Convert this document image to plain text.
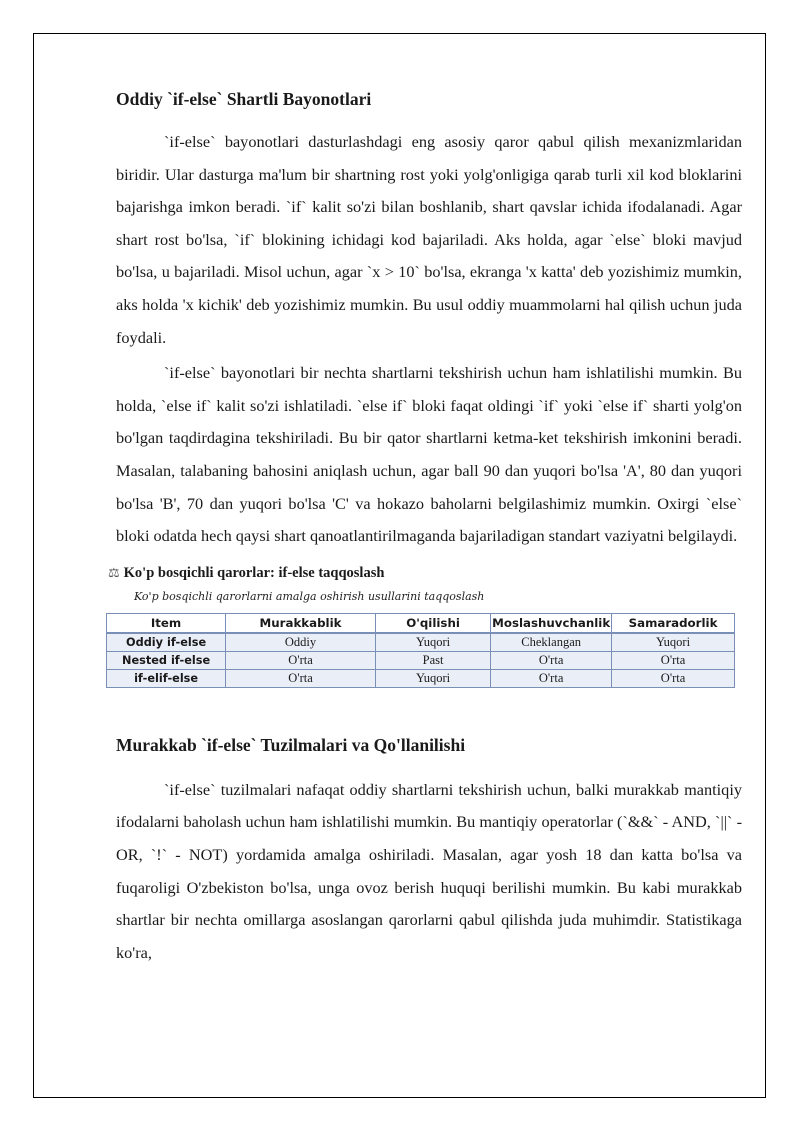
Oddiy `if-else` Shartli Bayonotlari

`if-else` bayonotlari dasturlashdagi eng asosiy qaror qabul qilish mexanizmlaridan biridir. Ular dasturga ma'lum bir shartning rost yoki yolg'onligiga qarab turli xil kod bloklarini bajarishga imkon beradi. `if` kalit so'zi bilan boshlanib, shart qavslar ichida ifodalanadi. Agar shart rost bo'lsa, `if` blokining ichidagi kod bajariladi. Aks holda, agar `else` bloki mavjud bo'lsa, u bajariladi. Misol uchun, agar `x > 10` bo'lsa, ekranga 'x katta' deb yozishimiz mumkin, aks holda 'x kichik' deb yozishimiz mumkin. Bu usul oddiy muammolarni hal qilish uchun juda foydali.

`if-else` bayonotlari bir nechta shartlarni tekshirish uchun ham ishlatilishi mumkin. Bu holda, `else if` kalit so'zi ishlatiladi. `else if` bloki faqat oldingi `if` yoki `else if` sharti yolg'on bo'lgan taqdirdagina tekshiriladi. Bu bir qator shartlarni ketma-ket tekshirish imkonini beradi. Masalan, talabaning bahosini aniqlash uchun, agar ball 90 dan yuqori bo'lsa 'A', 80 dan yuqori bo'lsa 'B', 70 dan yuqori bo'lsa 'C' va hokazo baholarni belgilashimiz mumkin. Oxirgi `else` bloki odatda hech qaysi shart qanoatlantirilmaganda bajariladigan standart vaziyatni belgilaydi.

⚖ Ko'p bosqichli qarorlar: if-else taqqoslash
Ko'p bosqichli qarorlarni amalga oshirish usullarini taqqoslash
Item	Murakkablik	O'qilishi	Moslashuvchanlik	Samaradorlik
Oddiy if-else	Oddiy	Yuqori	Cheklangan	Yuqori
Nested if-else	O'rta	Past	O'rta	O'rta
if-elif-else	O'rta	Yuqori	O'rta	O'rta
Murakkab `if-else` Tuzilmalari va Qo'llanilishi

`if-else` tuzilmalari nafaqat oddiy shartlarni tekshirish uchun, balki murakkab mantiqiy ifodalarni baholash uchun ham ishlatilishi mumkin. Bu mantiqiy operatorlar (`&&` - AND, `||` - OR, `!` - NOT) yordamida amalga oshiriladi. Masalan, agar yosh 18 dan katta bo'lsa va fuqaroligi O'zbekiston bo'lsa, unga ovoz berish huquqi berilishi mumkin. Bu kabi murakkab shartlar bir nechta omillarga asoslangan qarorlarni qabul qilishda juda muhimdir. Statistikaga ko'ra,
